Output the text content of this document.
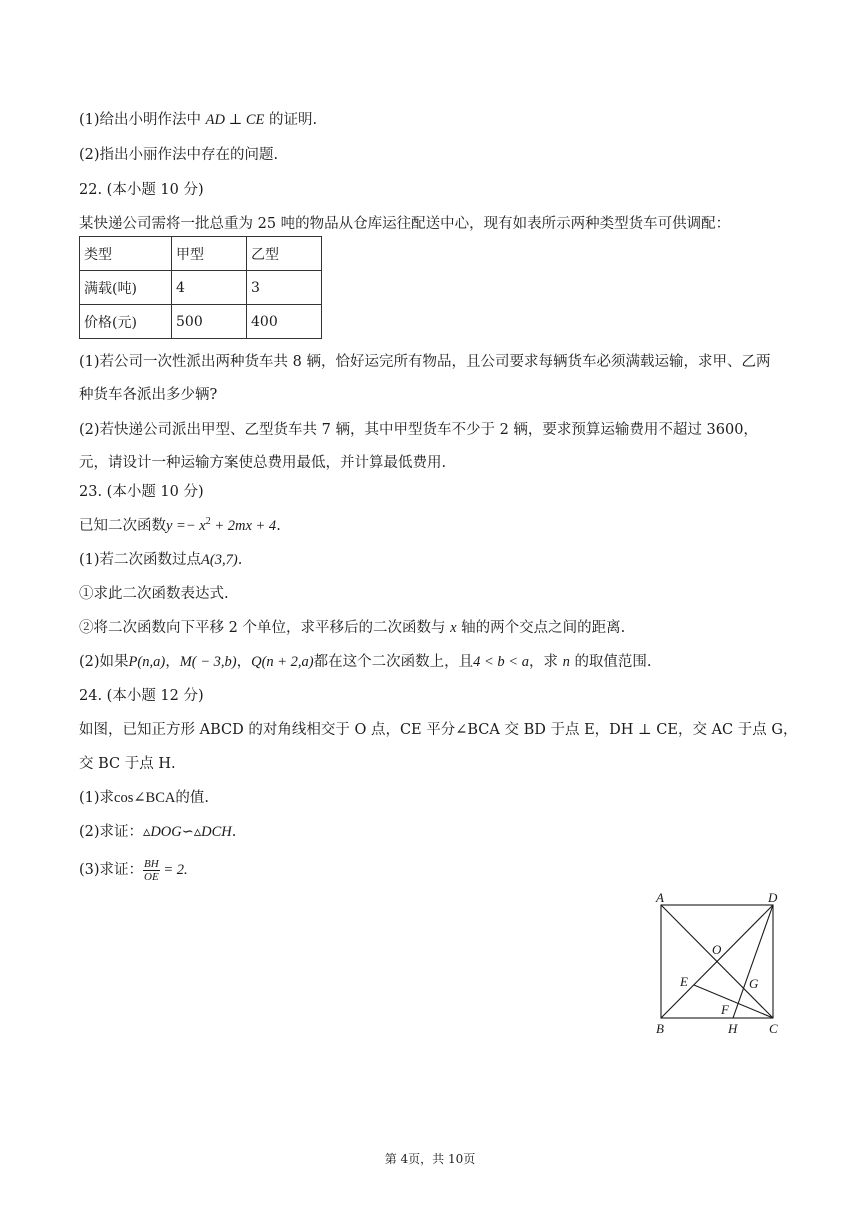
(1)给出小明作法中 AD ⊥ CE 的证明.
(2)指出小丽作法中存在的问题.
22. (本小题 10 分)
某快递公司需将一批总重为 25 吨的物品从仓库运往配送中心，现有如表所示两种类型货车可供调配：
类型	甲型	乙型
满载(吨)	4	3
价格(元)	500	400
(1)若公司一次性派出两种货车共 8 辆，恰好运完所有物品，且公司要求每辆货车必须满载运输，求甲、乙两种货车各派出多少辆?
(2)若快递公司派出甲型、乙型货车共 7 辆，其中甲型货车不少于 2 辆，要求预算运输费用不超过 3600，元，请设计一种运输方案使总费用最低，并计算最低费用.
23. (本小题 10 分)
已知二次函数$y =- x^2 + 2mx + 4$.
(1)若二次函数过点A(3,7).
①求此二次函数表达式.
②将二次函数向下平移 2 个单位，求平移后的二次函数与 x 轴的两个交点之间的距离.
(2)如果P(n,a)，M( − 3,b)，Q(n + 2,a)都在这个二次函数上，且4 < b < a，求 n 的取值范围.
24. (本小题 12 分)
如图，已知正方形 ABCD 的对角线相交于 O 点，CE 平分∠BCA 交 BD 于点 E，DH ⊥ CE，交 AC 于点 G，
交 BC 于点 H.
(1)求cos∠BCA的值.
(2)求证：▵DOG∽▵DCH.
(3)求证： $\frac{BH}{OE} = 2$.
A	D
O
E	G
F
B	H C
第 4页，共 10页
